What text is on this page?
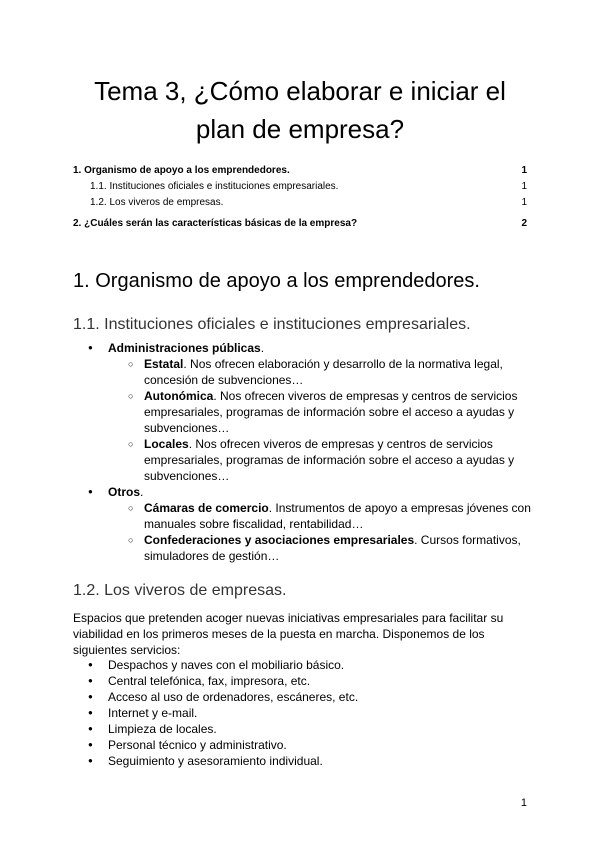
Tema 3, ¿Cómo elaborar e iniciar el
plan de empresa?
1. Organismo de apoyo a los emprendedores.	1
1.1. Instituciones oficiales e instituciones empresariales.	1
1.2. Los viveros de empresas.	1
2. ¿Cuáles serán las características básicas de la empresa?	2
1. Organismo de apoyo a los emprendedores.
1.1. Instituciones oficiales e instituciones empresariales.
● Administraciones públicas.
○ Estatal. Nos ofrecen elaboración y desarrollo de la normativa legal, concesión de subvenciones…
○ Autonómica. Nos ofrecen viveros de empresas y centros de servicios empresariales, programas de información sobre el acceso a ayudas y subvenciones…
○ Locales. Nos ofrecen viveros de empresas y centros de servicios empresariales, programas de información sobre el acceso a ayudas y subvenciones…
● Otros.
○ Cámaras de comercio. Instrumentos de apoyo a empresas jóvenes con manuales sobre fiscalidad, rentabilidad…
○ Confederaciones y asociaciones empresariales. Cursos formativos, simuladores de gestión…
1.2. Los viveros de empresas.
Espacios que pretenden acoger nuevas iniciativas empresariales para facilitar su viabilidad en los primeros meses de la puesta en marcha. Disponemos de los siguientes servicios:
● Despachos y naves con el mobiliario básico.
● Central telefónica, fax, impresora, etc.
● Acceso al uso de ordenadores, escáneres, etc.
● Internet y e-mail.
● Limpieza de locales.
● Personal técnico y administrativo.
● Seguimiento y asesoramiento individual.
1
